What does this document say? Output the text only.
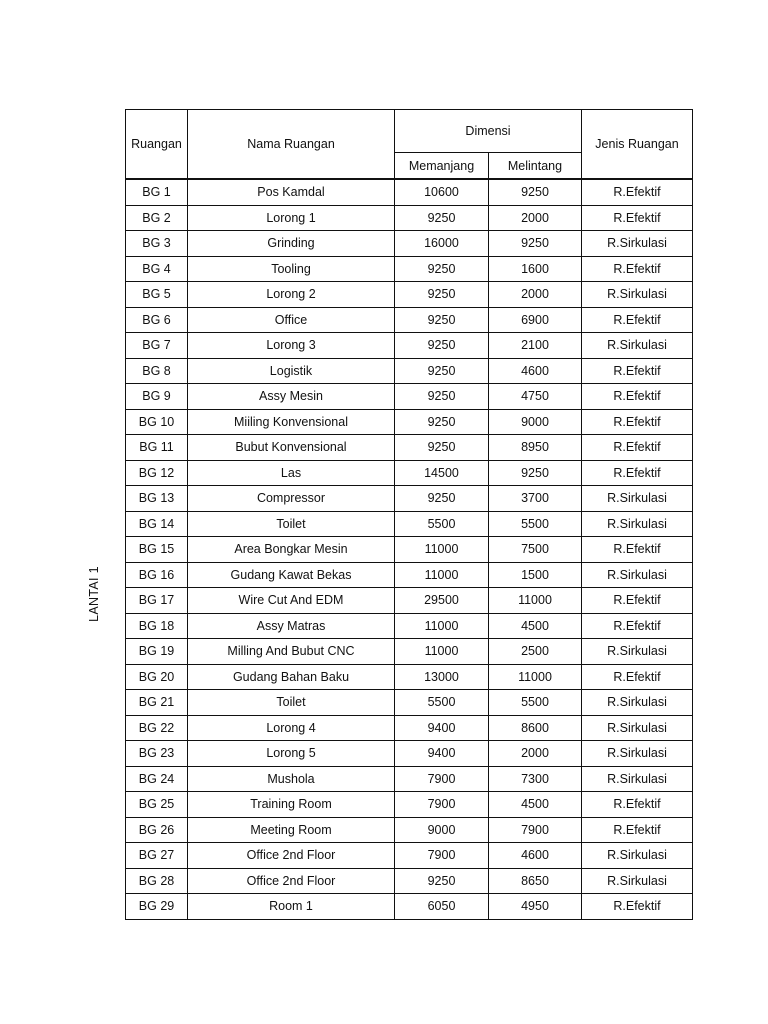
LANTAI 1
Ruangan	Nama Ruangan	Dimensi		Jenis Ruangan
		Memanjang	Melintang	
BG 1	Pos Kamdal	10600	9250	R.Efektif
BG 2	Lorong 1	9250	2000	R.Efektif
BG 3	Grinding	16000	9250	R.Sirkulasi
BG 4	Tooling	9250	1600	R.Efektif
BG 5	Lorong 2	9250	2000	R.Sirkulasi
BG 6	Office	9250	6900	R.Efektif
BG 7	Lorong 3	9250	2100	R.Sirkulasi
BG 8	Logistik	9250	4600	R.Efektif
BG 9	Assy Mesin	9250	4750	R.Efektif
BG 10	Miiling Konvensional	9250	9000	R.Efektif
BG 11	Bubut Konvensional	9250	8950	R.Efektif
BG 12	Las	14500	9250	R.Efektif
BG 13	Compressor	9250	3700	R.Sirkulasi
BG 14	Toilet	5500	5500	R.Sirkulasi
BG 15	Area Bongkar Mesin	11000	7500	R.Efektif
BG 16	Gudang Kawat Bekas	11000	1500	R.Sirkulasi
BG 17	Wire Cut And EDM	29500	11000	R.Efektif
BG 18	Assy Matras	11000	4500	R.Efektif
BG 19	Milling And Bubut CNC	11000	2500	R.Sirkulasi
BG 20	Gudang Bahan Baku	13000	11000	R.Efektif
BG 21	Toilet	5500	5500	R.Sirkulasi
BG 22	Lorong 4	9400	8600	R.Sirkulasi
BG 23	Lorong 5	9400	2000	R.Sirkulasi
BG 24	Mushola	7900	7300	R.Sirkulasi
BG 25	Training Room	7900	4500	R.Efektif
BG 26	Meeting Room	9000	7900	R.Efektif
BG 27	Office 2nd Floor	7900	4600	R.Sirkulasi
BG 28	Office 2nd Floor	9250	8650	R.Sirkulasi
BG 29	Room 1	6050	4950	R.Efektif
